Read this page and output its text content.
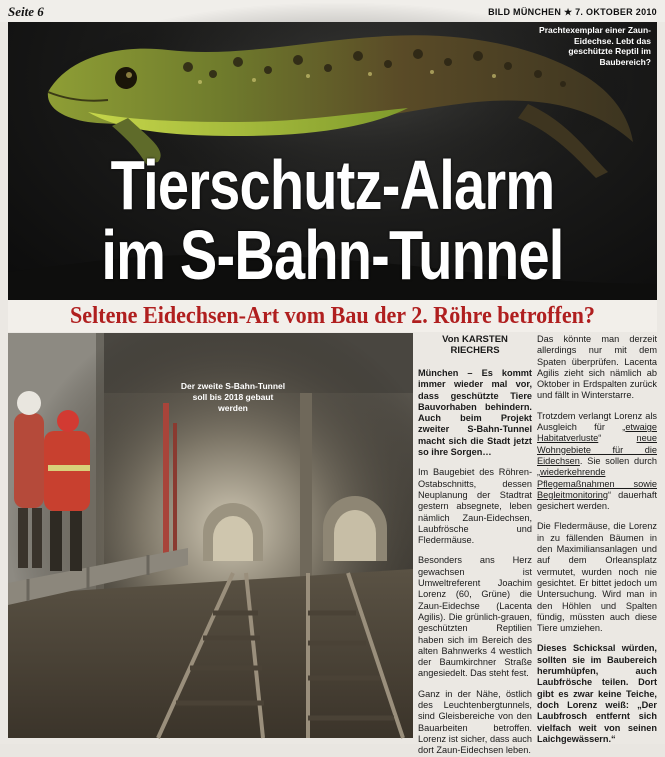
Seite 6	BILD MÜNCHEN ★ 7. OKTOBER 2010
Prachtexemplar einer Zaun-Eidechse. Lebt das geschützte Reptil im Baubereich?
Tierschutz-Alarm
im S-Bahn-Tunnel
Seltene Eidechsen-Art vom Bau der 2. Röhre betroffen?
Der zweite S-Bahn-Tunnel soll bis 2018 gebaut werden

Von KARSTEN RIECHERS

München – Es kommt immer wieder mal vor, dass geschützte Tiere Bauvorhaben behindern. Auch beim Projekt zweiter S-Bahn-Tunnel macht sich die Stadt jetzt so ihre Sorgen…

Im Baugebiet des Röhren-Ostabschnitts, dessen Neuplanung der Stadtrat gestern absegnete, leben nämlich Zaun-Eidechsen, Laubfrösche und Fledermäuse.

Besonders ans Herz gewachsen ist Umweltreferent Joachim Lorenz (60, Grüne) die Zaun-Eidechse (Lacenta Agilis). Die grünlich-grauen, geschützten Reptilien haben sich im Bereich des alten Bahnwerks 4 westlich der Baumkirchner Straße angesiedelt. Das steht fest.

Ganz in der Nähe, östlich des Leuchtenbergtunnels, sind Gleisbereiche von den Bauarbeiten betroffen. Lorenz ist sicher, dass auch dort Zaun-Eidechsen leben.

Das könnte man derzeit allerdings nur mit dem Spaten überprüfen. Lacenta Agilis zieht sich nämlich ab Oktober in Erdspalten zurück und fällt in Winterstarre.

Trotzdem verlangt Lorenz als Ausgleich für „etwaige Habitatverluste“ neue Wohngebiete für die Eidechsen. Sie sollen durch „wiederkehrende Pflegemaßnahmen sowie Begleitmonitoring“ dauerhaft gesichert werden.

Die Fledermäuse, die Lorenz in zu fällenden Bäumen in den Maximiliansanlagen und auf dem Orleansplatz vermutet, wurden noch nie gesichtet. Er bittet jedoch um Untersuchung. Wird man in den Höhlen und Spalten fündig, müssten auch diese Tiere umziehen.

Dieses Schicksal würden, sollten sie im Baubereich herumhüpfen, auch Laubfrösche teilen. Dort gibt es zwar keine Teiche, doch Lorenz weiß: „Der Laubfrosch entfernt sich vielfach weit von seinen Laichgewässern.“
